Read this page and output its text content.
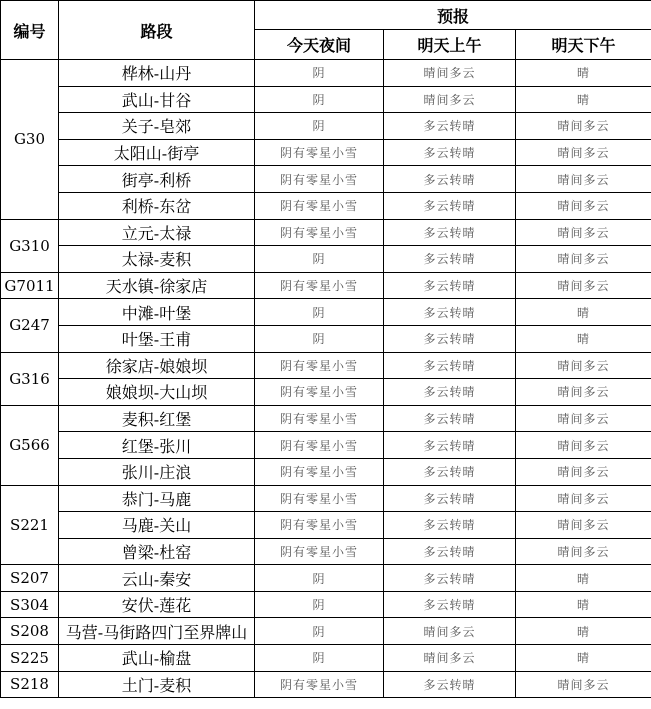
编号	路段	预报		
		今天夜间	明天上午	明天下午
G30	桦林-山丹	阴	晴间多云	晴
	武山-甘谷	阴	晴间多云	晴
	关子-皂郊	阴	多云转晴	晴间多云
	太阳山-街亭	阴有零星小雪	多云转晴	晴间多云
	街亭-利桥	阴有零星小雪	多云转晴	晴间多云
	利桥-东岔	阴有零星小雪	多云转晴	晴间多云
G310	立元-太禄	阴有零星小雪	多云转晴	晴间多云
	太禄-麦积	阴	多云转晴	晴间多云
G7011	天水镇-徐家店	阴有零星小雪	多云转晴	晴间多云
G247	中滩-叶堡	阴	多云转晴	晴
	叶堡-王甫	阴	多云转晴	晴
G316	徐家店-娘娘坝	阴有零星小雪	多云转晴	晴间多云
	娘娘坝-大山坝	阴有零星小雪	多云转晴	晴间多云
G566	麦积-红堡	阴有零星小雪	多云转晴	晴间多云
	红堡-张川	阴有零星小雪	多云转晴	晴间多云
	张川-庄浪	阴有零星小雪	多云转晴	晴间多云
S221	恭门-马鹿	阴有零星小雪	多云转晴	晴间多云
	马鹿-关山	阴有零星小雪	多云转晴	晴间多云
	曾梁-杜窑	阴有零星小雪	多云转晴	晴间多云
S207	云山-秦安	阴	多云转晴	晴
S304	安伏-莲花	阴	多云转晴	晴
S208	马营-马街路四门至界牌山	阴	晴间多云	晴
S225	武山-榆盘	阴	晴间多云	晴
S218	土门-麦积	阴有零星小雪	多云转晴	晴间多云
